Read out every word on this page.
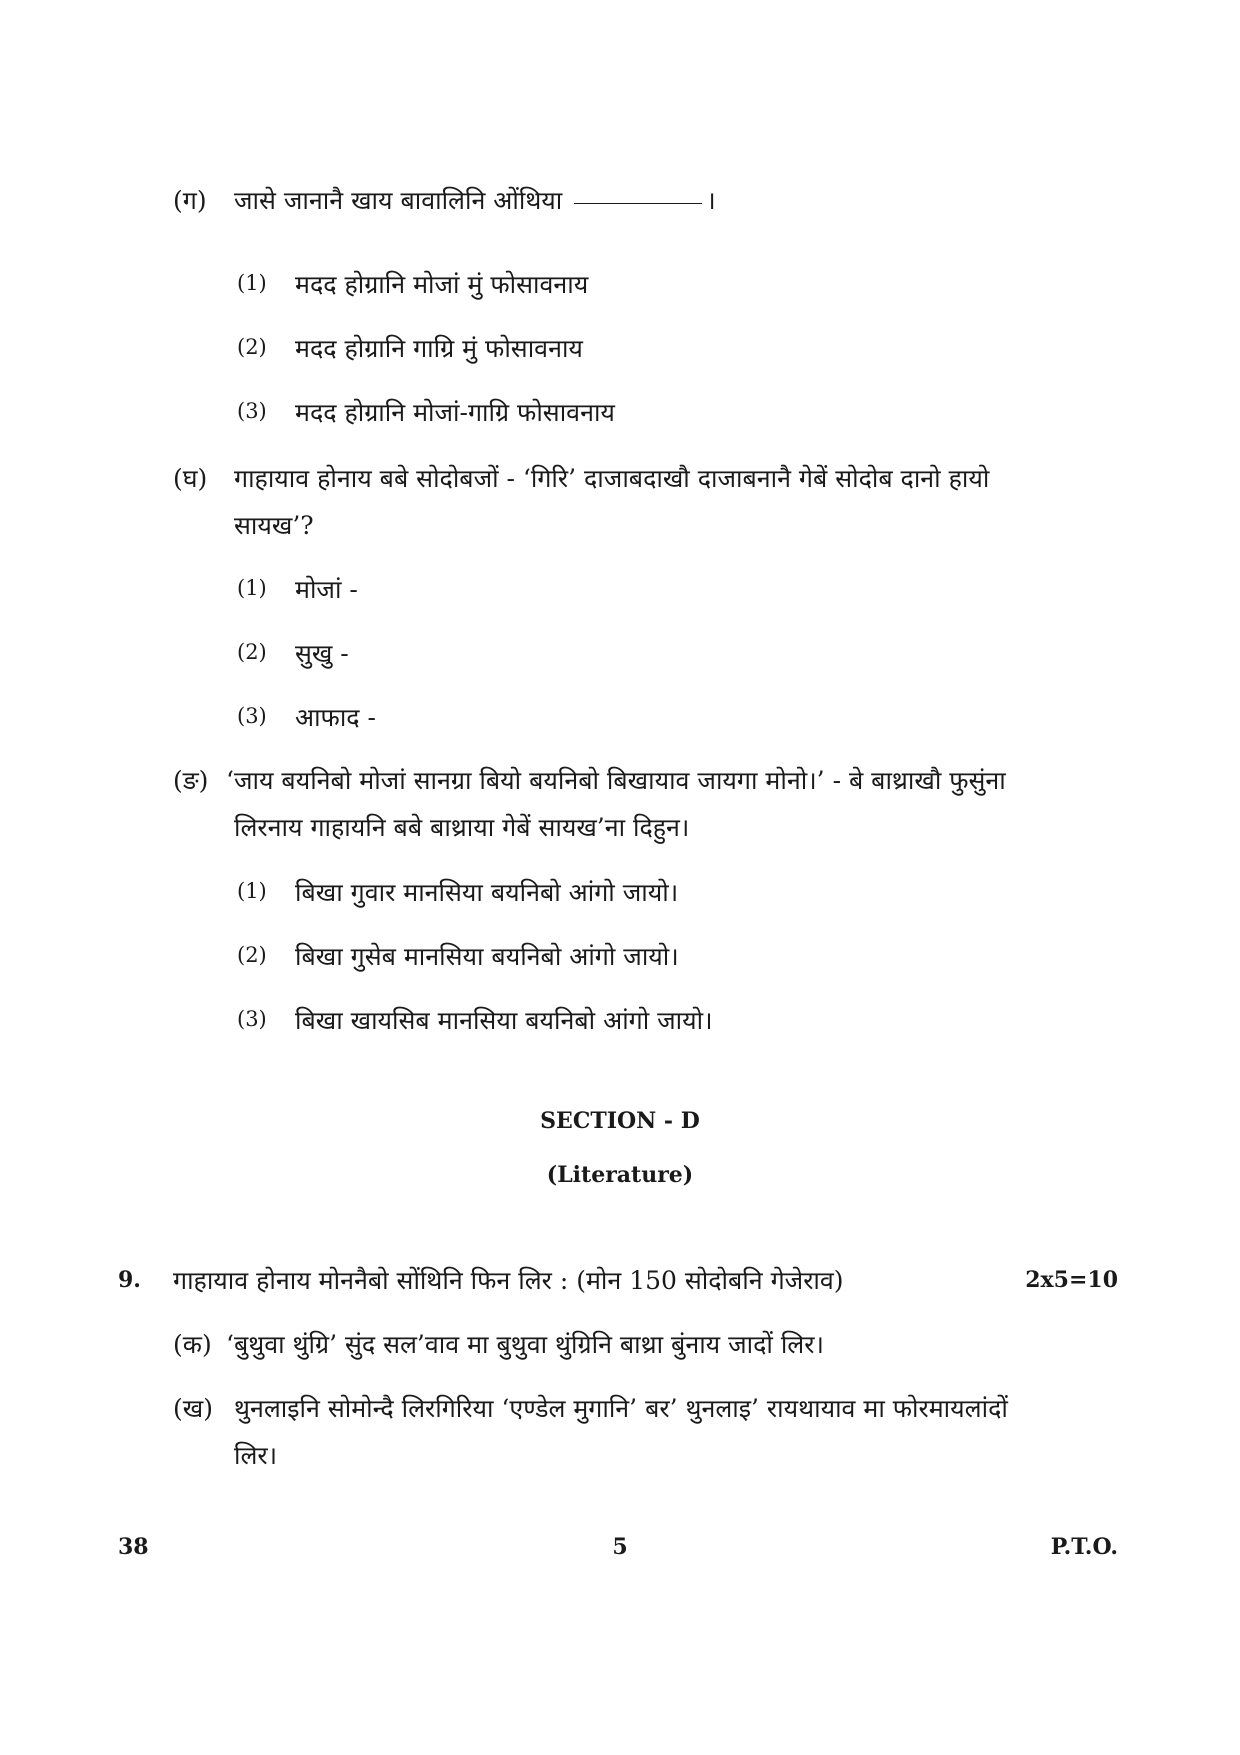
(ग) जासे जानानै खाय बावालिनि ओंथिया	।
(1) मदद होग्रानि मोजां मुं फोसावनाय
(2) मदद होग्रानि गाग्रि मुं फोसावनाय
(3) मदद होग्रानि मोजां-गाग्रि फोसावनाय
(घ) गाहायाव होनाय बबे सोदोबजों - ‘गिरि’ दाजाबदाखौ दाजाबनानै गेबें सोदोब दानो हायो
सायख’?
(1) मोजां -
(2) सुखु -
(3) आफाद -
(ङ) ‘जाय बयनिबो मोजां सानग्रा बियो बयनिबो बिखायाव जायगा मोनो।’ - बे बाथ्राखौ फुसुंना
लिरनाय गाहायनि बबे बाथ्राया गेबें सायख’ना दिहुन।
(1) बिखा गुवार मानसिया बयनिबो आंगो जायो।
(2) बिखा गुसेब मानसिया बयनिबो आंगो जायो।
(3) बिखा खायसिब मानसिया बयनिबो आंगो जायो।
SECTION - D
(Literature)
9. गाहायाव होनाय मोननैबो सोंथिनि फिन लिर : (मोन 150 सोदोबनि गेजेराव)	2x5=10
(क) ‘बुथुवा थुंग्रि’ सुंद सल’वाव मा बुथुवा थुंग्रिनि बाथ्रा बुंनाय जादों लिर।
(ख) थुनलाइनि सोमोन्दै लिरगिरिया ‘एण्डेल मुगानि’ बर’ थुनलाइ’ रायथायाव मा फोरमायलांदों
लिर।
38	5	P.T.O.
